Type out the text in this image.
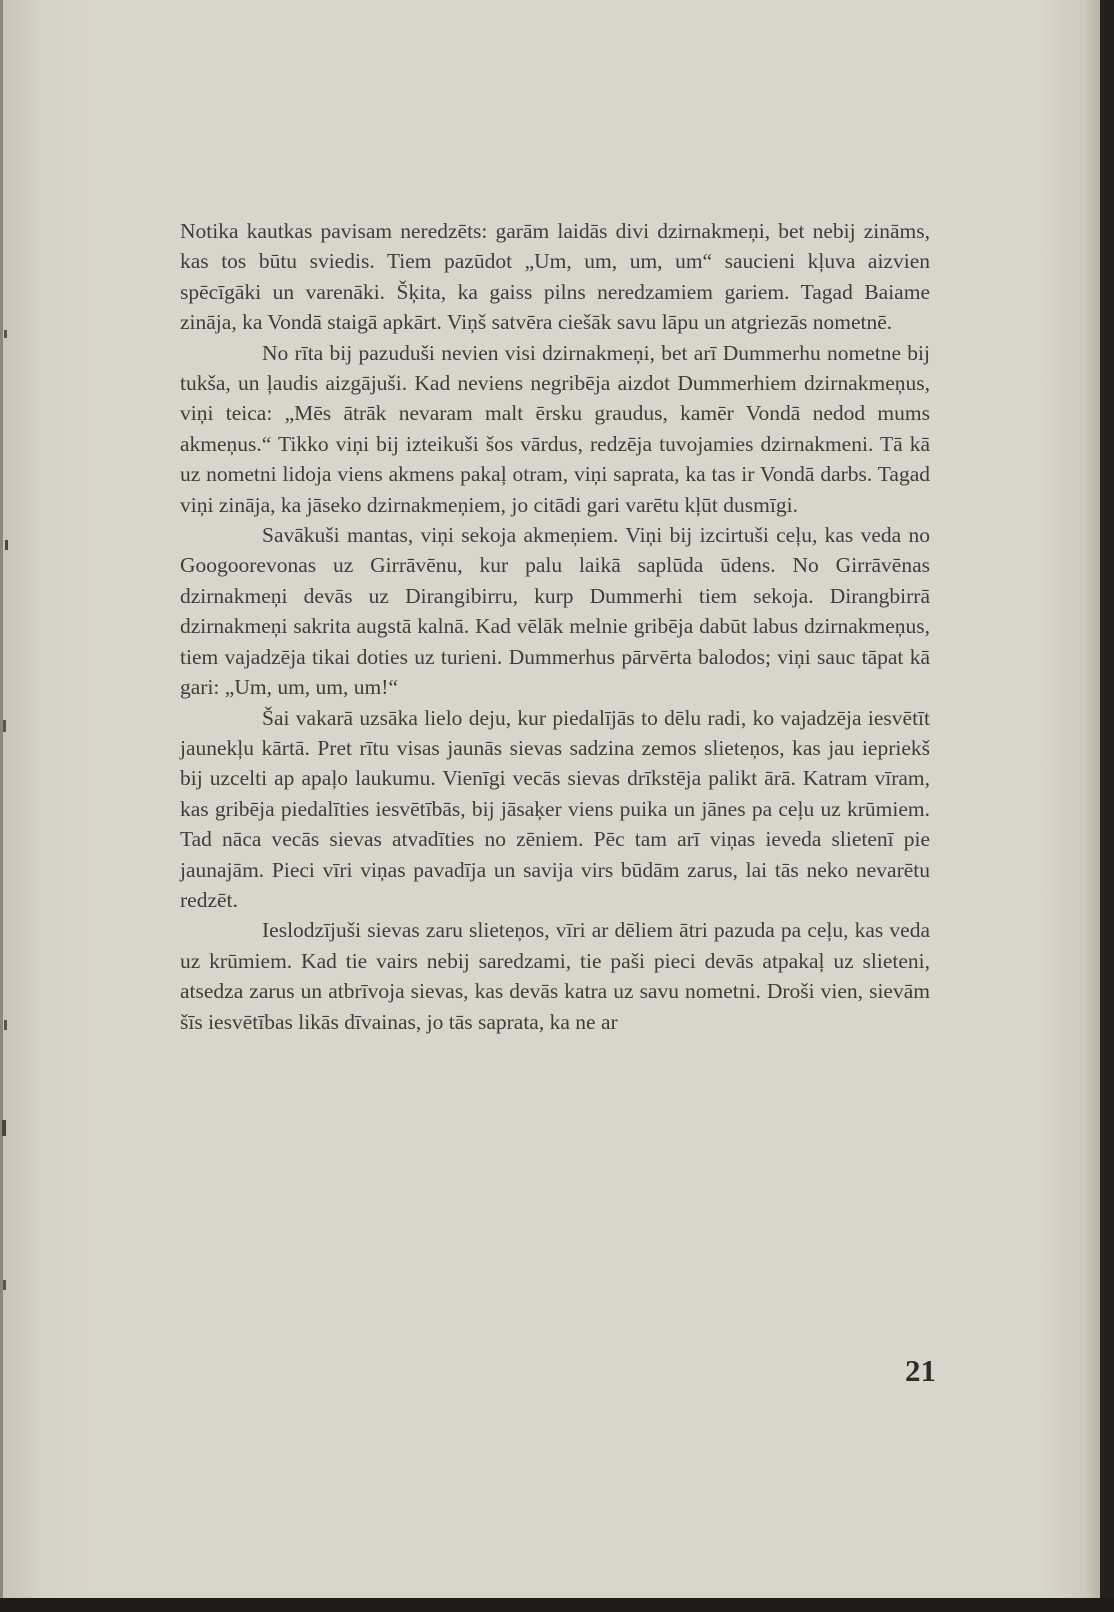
Notika kautkas pavisam neredzēts: garām laidās divi dzirnakmeņi, bet nebij zināms, kas tos būtu sviedis. Tiem pazūdot „Um, um, um, um“ saucieni kļuva aizvien spēcīgāki un varenāki. Šķita, ka gaiss pilns neredzamiem gariem. Tagad Baiame zināja, ka Vondā staigā apkārt. Viņš satvēra ciešāk savu lāpu un atgriezās nometnē.

No rīta bij pazuduši nevien visi dzirnakmeņi, bet arī Dummerhu nometne bij tukša, un ļaudis aizgājuši. Kad neviens negribēja aizdot Dummerhiem dzirnakmeņus, viņi teica: „Mēs ātrāk nevaram malt ērsku graudus, kamēr Vondā nedod mums akmeņus.“ Tikko viņi bij izteikuši šos vārdus, redzēja tuvojamies dzirnakmeni. Tā kā uz nometni lidoja viens akmens pakaļ otram, viņi saprata, ka tas ir Vondā darbs. Tagad viņi zināja, ka jāseko dzirnakmeņiem, jo citādi gari varētu kļūt dusmīgi.

Savākuši mantas, viņi sekoja akmeņiem. Viņi bij izcirtuši ceļu, kas veda no Googoorevonas uz Girrāvēnu, kur palu laikā saplūda ūdens. No Girrāvēnas dzirnakmeņi devās uz Dirangibirru, kurp Dummerhi tiem sekoja. Dirangbirrā dzirnakmeņi sakrita augstā kalnā. Kad vēlāk melnie gribēja dabūt labus dzirnakmeņus, tiem vajadzēja tikai doties uz turieni. Dummerhus pārvērta balodos; viņi sauc tāpat kā gari: „Um, um, um, um!“

Šai vakarā uzsāka lielo deju, kur piedalījās to dēlu radi, ko vajadzēja iesvētīt jaunekļu kārtā. Pret rītu visas jaunās sievas sadzina zemos slieteņos, kas jau iepriekš bij uzcelti ap apaļo laukumu. Vienīgi vecās sievas drīkstēja palikt ārā. Katram vīram, kas gribēja piedalīties iesvētībās, bij jāsaķer viens puika un jānes pa ceļu uz krūmiem. Tad nāca vecās sievas atvadīties no zēniem. Pēc tam arī viņas ieveda slietenī pie jaunajām. Pieci vīri viņas pavadīja un savija virs būdām zarus, lai tās neko nevarētu redzēt.

Ieslodzījuši sievas zaru slieteņos, vīri ar dēliem ātri pazuda pa ceļu, kas veda uz krūmiem. Kad tie vairs nebij saredzami, tie paši pieci devās atpakaļ uz slieteni, atsedza zarus un atbrīvoja sievas, kas devās katra uz savu nometni. Droši vien, sievām šīs iesvētības likās dīvainas, jo tās saprata, ka ne ar

21
